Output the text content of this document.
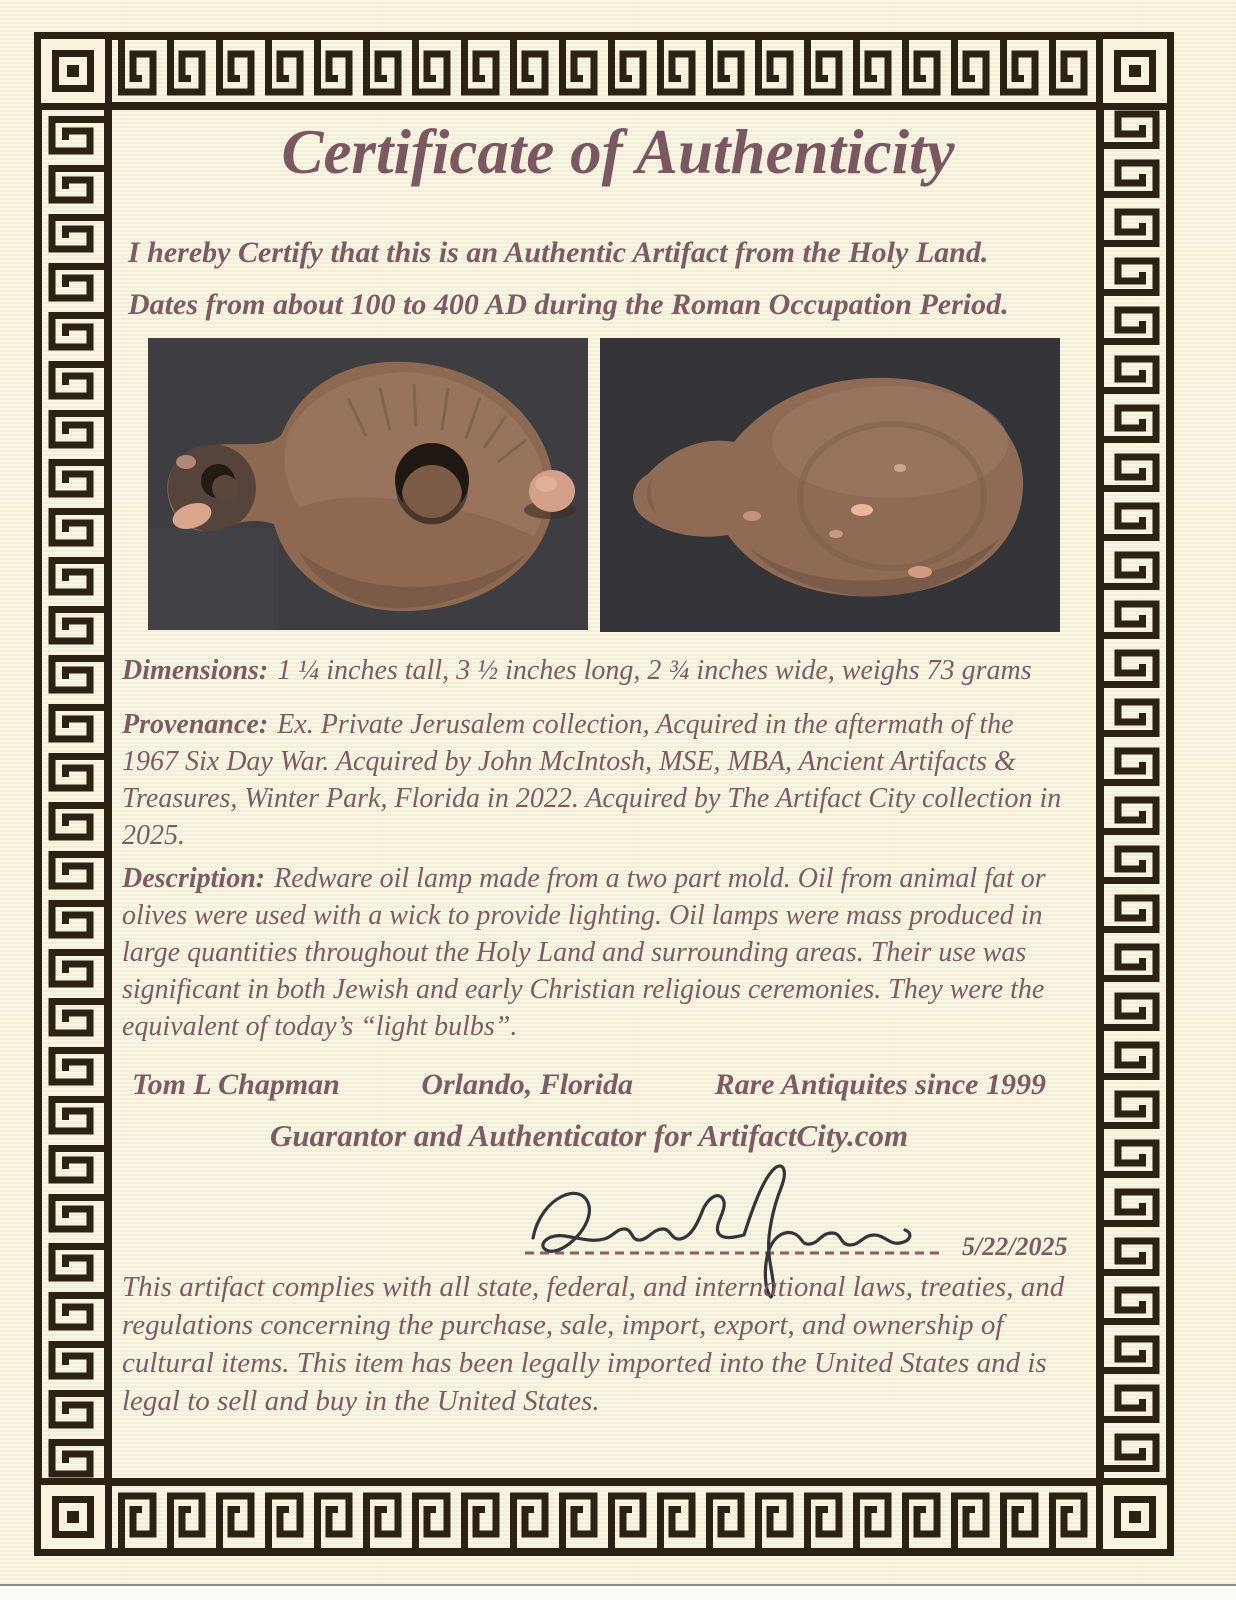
Certificate of Authenticity
I hereby Certify that this is an Authentic Artifact from the Holy Land.
Dates from about 100 to 400 AD during the Roman Occupation Period.
Dimensions: 1 ¼ inches tall, 3 ½ inches long, 2 ¾ inches wide, weighs 73 grams
Provenance: Ex. Private Jerusalem collection, Acquired in the aftermath of the 1967 Six Day War. Acquired by John McIntosh, MSE, MBA, Ancient Artifacts & Treasures, Winter Park, Florida in 2022. Acquired by The Artifact City collection in 2025.
Description: Redware oil lamp made from a two part mold. Oil from animal fat or olives were used with a wick to provide lighting. Oil lamps were mass produced in large quantities throughout the Holy Land and surrounding areas. Their use was significant in both Jewish and early Christian religious ceremonies. They were the equivalent of today’s “light bulbs”.
Tom L Chapman	Orlando, Florida	Rare Antiquites since 1999
Guarantor and Authenticator for ArtifactCity.com
5/22/2025
This artifact complies with all state, federal, and international laws, treaties, and regulations concerning the purchase, sale, import, export, and ownership of cultural items. This item has been legally imported into the United States and is legal to sell and buy in the United States.
